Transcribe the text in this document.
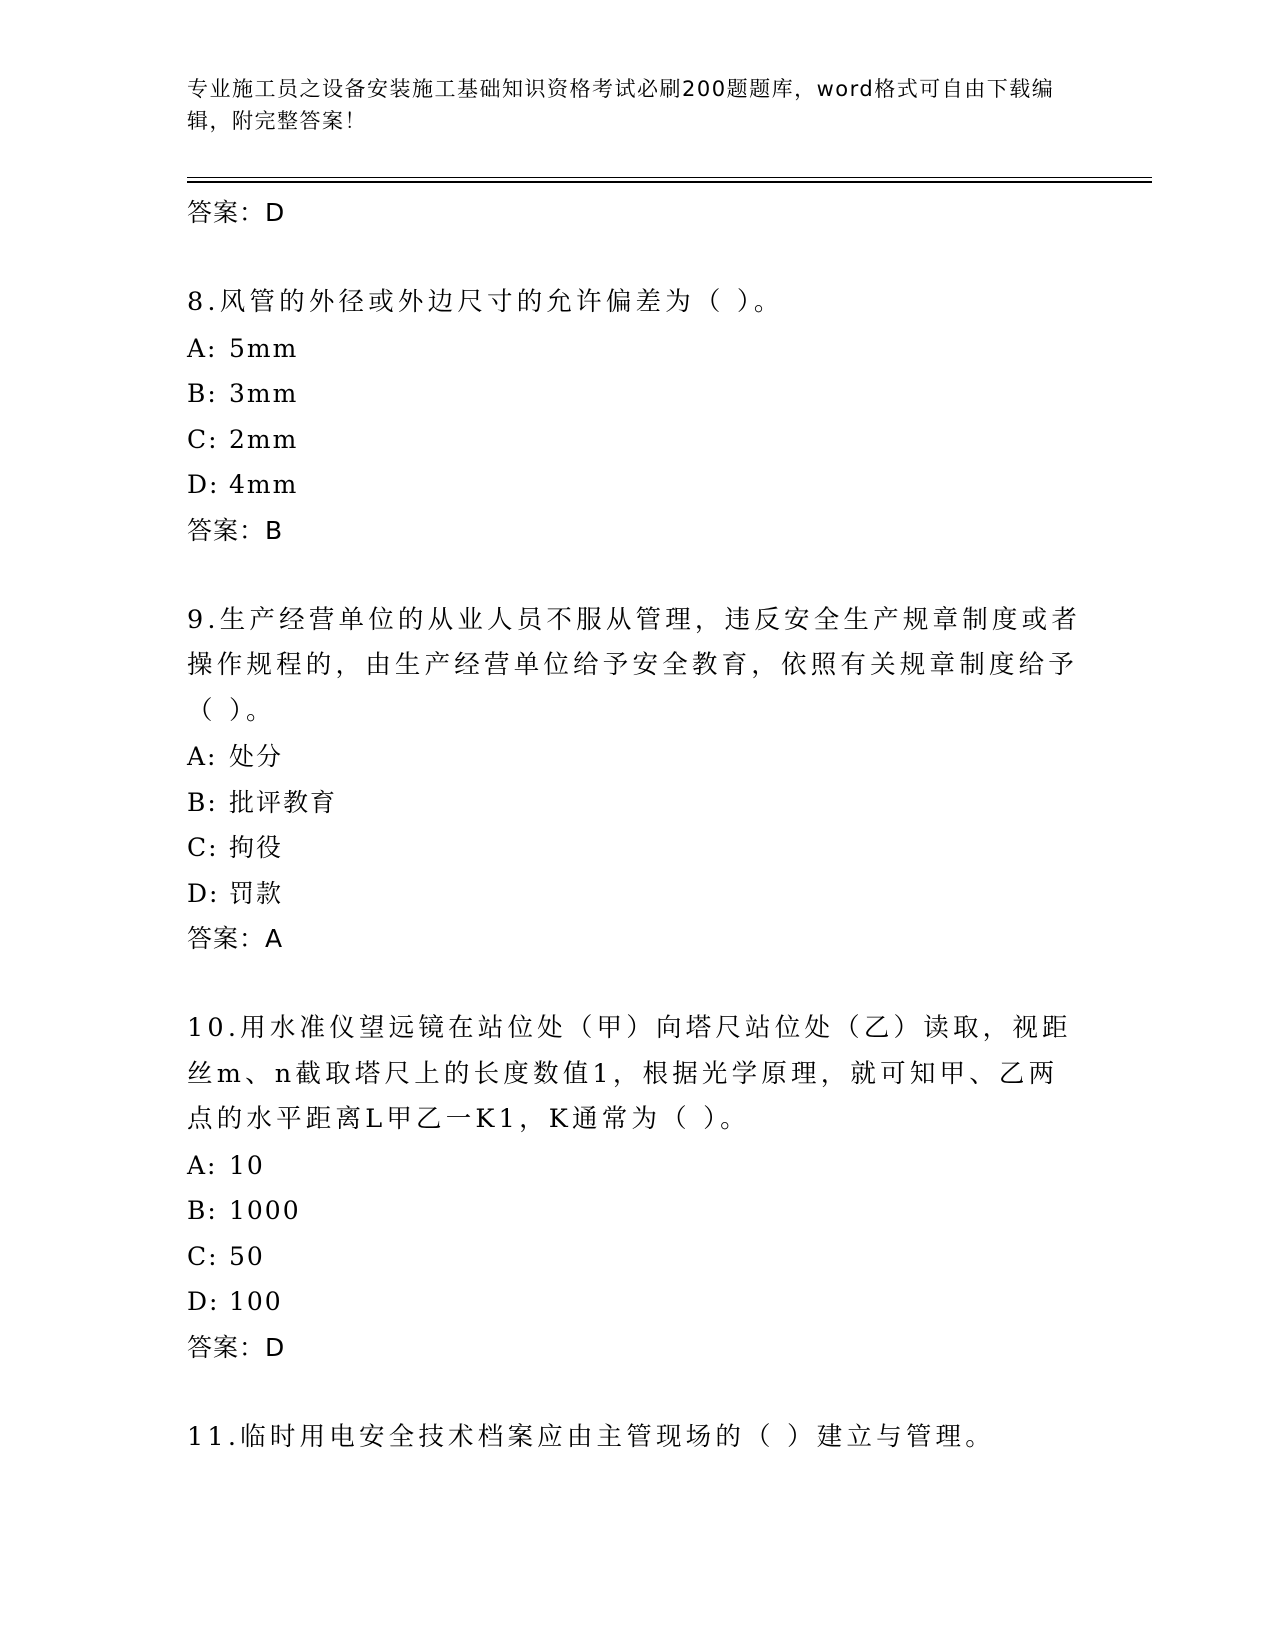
专业施工员之设备安装施工基础知识资格考试必刷200题题库，word格式可自由下载编辑，附完整答案！
答案：D
8.风管的外径或外边尺寸的允许偏差为（ ）。
A: 5mm
B: 3mm
C: 2mm
D: 4mm
答案：B
9.生产经营单位的从业人员不服从管理，违反安全生产规章制度或者操作规程的，由生产经营单位给予安全教育，依照有关规章制度给予（ ）。
A: 处分
B: 批评教育
C: 拘役
D: 罚款
答案：A
10.用水准仪望远镜在站位处（甲）向塔尺站位处（乙）读取，视距丝m、n截取塔尺上的长度数值1，根据光学原理，就可知甲、乙两点的水平距离L甲乙一K1，K通常为（ ）。
A: 10
B: 1000
C: 50
D: 100
答案：D
11.临时用电安全技术档案应由主管现场的（ ）建立与管理。
